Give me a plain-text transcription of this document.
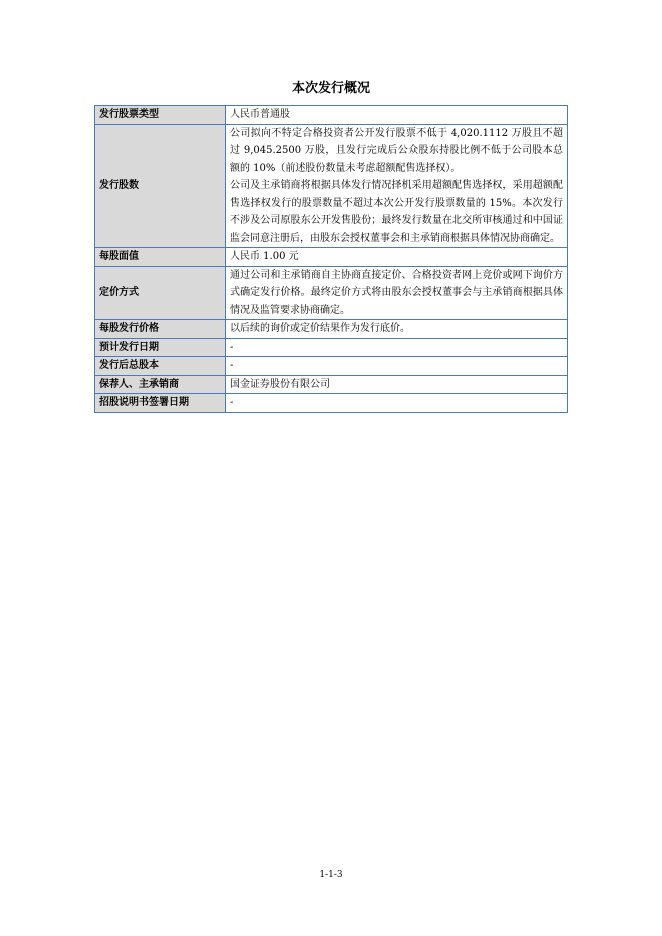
本次发行概况
发行股票类型	人民币普通股

发行股数	公司拟向不特定合格投资者公开发行股票不低于 4,020.1112 万股且不超过 9,045.2500 万股，且发行完成后公众股东持股比例不低于公司股本总额的 10%（前述股份数量未考虑超额配售选择权）。
公司及主承销商将根据具体发行情况择机采用超额配售选择权，采用超额配售选择权发行的股票数量不超过本次公开发行股票数量的 15%。本次发行不涉及公司原股东公开发售股份；最终发行数量在北交所审核通过和中国证监会同意注册后，由股东会授权董事会和主承销商根据具体情况协商确定。

每股面值	人民币 1.00 元

定价方式	通过公司和主承销商自主协商直接定价、合格投资者网上竞价或网下询价方式确定发行价格。最终定价方式将由股东会授权董事会与主承销商根据具体情况及监管要求协商确定。

每股发行价格	以后续的询价或定价结果作为发行底价。

预计发行日期	-

发行后总股本	-

保荐人、主承销商	国金证券股份有限公司

招股说明书签署日期	-
1-1-3
